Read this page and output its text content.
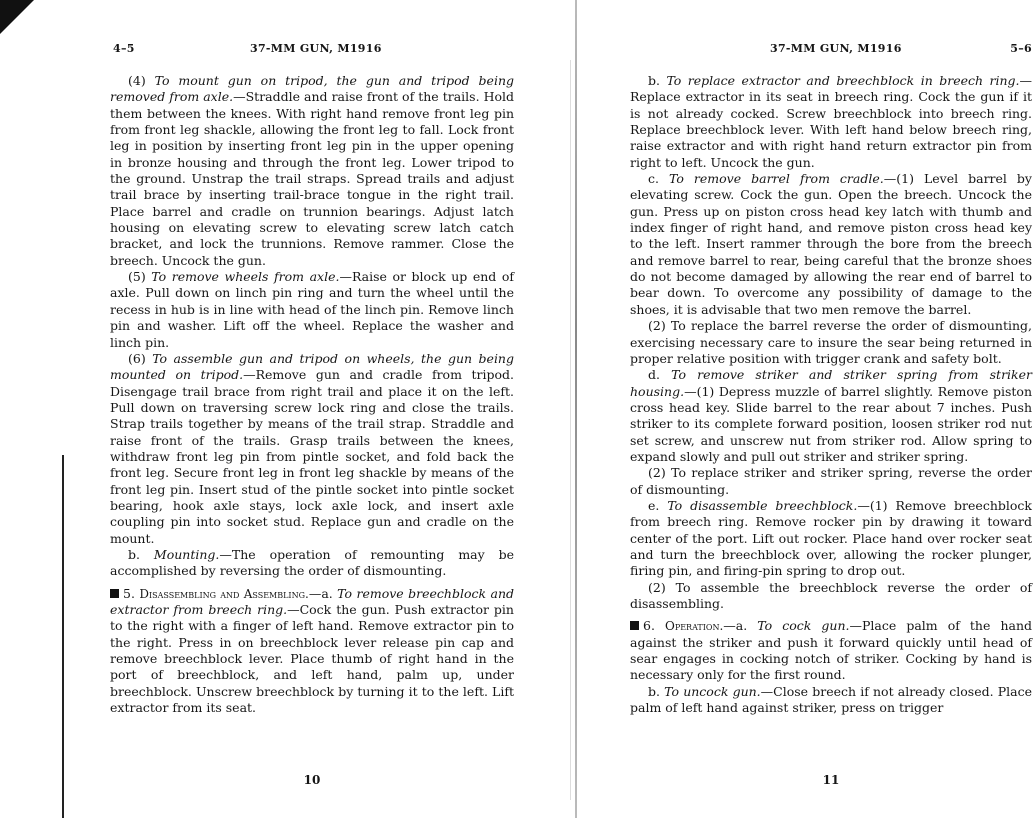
4–5	37-MM GUN, M1916

(4) To mount gun on tripod, the gun and tripod being removed from axle.—Straddle and raise front of the trails. Hold them between the knees. With right hand remove front leg pin from front leg shackle, allowing the front leg to fall. Lock front leg in position by inserting front leg pin in the upper opening in bronze housing and through the front leg. Lower tripod to the ground. Unstrap the trail straps. Spread trails and adjust trail brace by inserting trail-brace tongue in the right trail. Place barrel and cradle on trunnion bearings. Adjust latch housing on elevating screw to elevating screw latch catch bracket, and lock the trunnions. Remove rammer. Close the breech. Uncock the gun.

(5) To remove wheels from axle.—Raise or block up end of axle. Pull down on linch pin ring and turn the wheel until the recess in hub is in line with head of the linch pin. Remove linch pin and washer. Lift off the wheel. Replace the washer and linch pin.

(6) To assemble gun and tripod on wheels, the gun being mounted on tripod.—Remove gun and cradle from tripod. Disengage trail brace from right trail and place it on the left. Pull down on traversing screw lock ring and close the trails. Strap trails together by means of the trail strap. Straddle and raise front of the trails. Grasp trails between the knees, withdraw front leg pin from pintle socket, and fold back the front leg. Secure front leg in front leg shackle by means of the front leg pin. Insert stud of the pintle socket into pintle socket bearing, hook axle stays, lock axle lock, and insert axle coupling pin into socket stud. Replace gun and cradle on the mount.

b. Mounting.—The operation of remounting may be accomplished by reversing the order of dismounting.

5. Disassembling and Assembling.—a. To remove breechblock and extractor from breech ring.—Cock the gun. Push extractor pin to the right with a finger of left hand. Remove extractor pin to the right. Press in on breechblock lever release pin cap and remove breechblock lever. Place thumb of right hand in the port of breechblock, and left hand, palm up, under breechblock. Unscrew breechblock by turning it to the left. Lift extractor from its seat.

10
37-MM GUN, M1916	5–6

b. To replace extractor and breechblock in breech ring.—Replace extractor in its seat in breech ring. Cock the gun if it is not already cocked. Screw breechblock into breech ring. Replace breechblock lever. With left hand below breech ring, raise extractor and with right hand return extractor pin from right to left. Uncock the gun.

c. To remove barrel from cradle.—(1) Level barrel by elevating screw. Cock the gun. Open the breech. Uncock the gun. Press up on piston cross head key latch with thumb and index finger of right hand, and remove piston cross head key to the left. Insert rammer through the bore from the breech and remove barrel to rear, being careful that the bronze shoes do not become damaged by allowing the rear end of barrel to bear down. To overcome any possibility of damage to the shoes, it is advisable that two men remove the barrel.

(2) To replace the barrel reverse the order of dismounting, exercising necessary care to insure the sear being returned in proper relative position with trigger crank and safety bolt.

d. To remove striker and striker spring from striker housing.—(1) Depress muzzle of barrel slightly. Remove piston cross head key. Slide barrel to the rear about 7 inches. Push striker to its complete forward position, loosen striker rod nut set screw, and unscrew nut from striker rod. Allow spring to expand slowly and pull out striker and striker spring.

(2) To replace striker and striker spring, reverse the order of dismounting.

e. To disassemble breechblock.—(1) Remove breechblock from breech ring. Remove rocker pin by drawing it toward center of the port. Lift out rocker. Place hand over rocker seat and turn the breechblock over, allowing the rocker plunger, firing pin, and firing-pin spring to drop out.

(2) To assemble the breechblock reverse the order of disassembling.

6. Operation.—a. To cock gun.—Place palm of the hand against the striker and push it forward quickly until head of sear engages in cocking notch of striker. Cocking by hand is necessary only for the first round.

b. To uncock gun.—Close breech if not already closed. Place palm of left hand against striker, press on trigger

11
